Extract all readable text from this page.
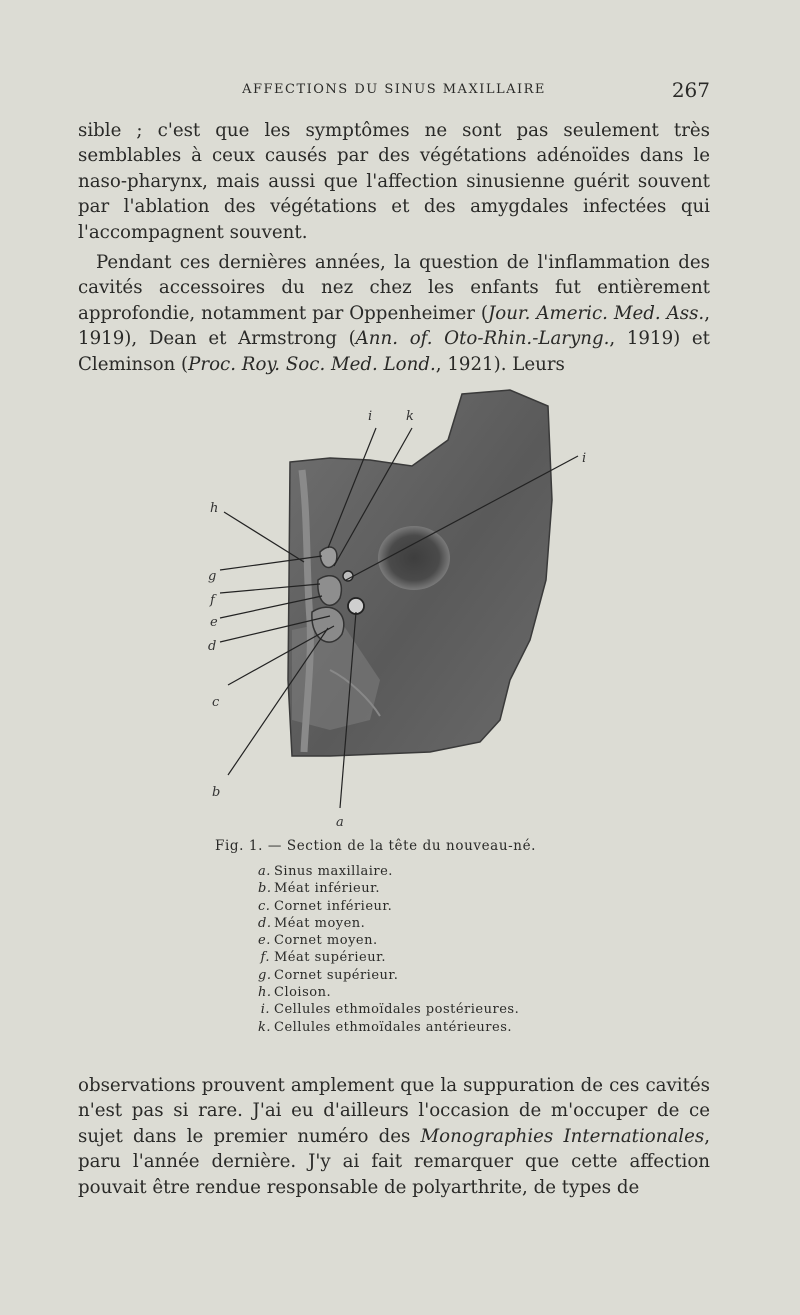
AFFECTIONS DU SINUS MAXILLAIRE	267

sible ; c'est que les symptômes ne sont pas seulement très semblables à ceux causés par des végétations adénoïdes dans le naso-pharynx, mais aussi que l'affection sinusienne guérit souvent par l'ablation des végétations et des amygdales infectées qui l'accompagnent souvent.

Pendant ces dernières années, la question de l'inflammation des cavités accessoires du nez chez les enfants fut entièrement approfondie, notamment par Oppenheimer (Jour. Americ. Med. Ass., 1919), Dean et Armstrong (Ann. of. Oto-Rhin.-Laryng., 1919) et Cleminson (Proc. Roy. Soc. Med. Lond., 1921). Leurs

i	k
i
h
g
f
e
d
c
b
a
Fig. 1. — Section de la tête du nouveau-né.
a. Sinus maxillaire.
b. Méat inférieur.
c. Cornet inférieur.
d. Méat moyen.
e. Cornet moyen.
f. Méat supérieur.
g. Cornet supérieur.
h. Cloison.
i. Cellules ethmoïdales postérieures.
k. Cellules ethmoïdales antérieures.

observations prouvent amplement que la suppuration de ces cavités n'est pas si rare. J'ai eu d'ailleurs l'occasion de m'occuper de ce sujet dans le premier numéro des Monographies Internationales, paru l'année dernière. J'y ai fait remarquer que cette affection pouvait être rendue responsable de polyarthrite, de types de
